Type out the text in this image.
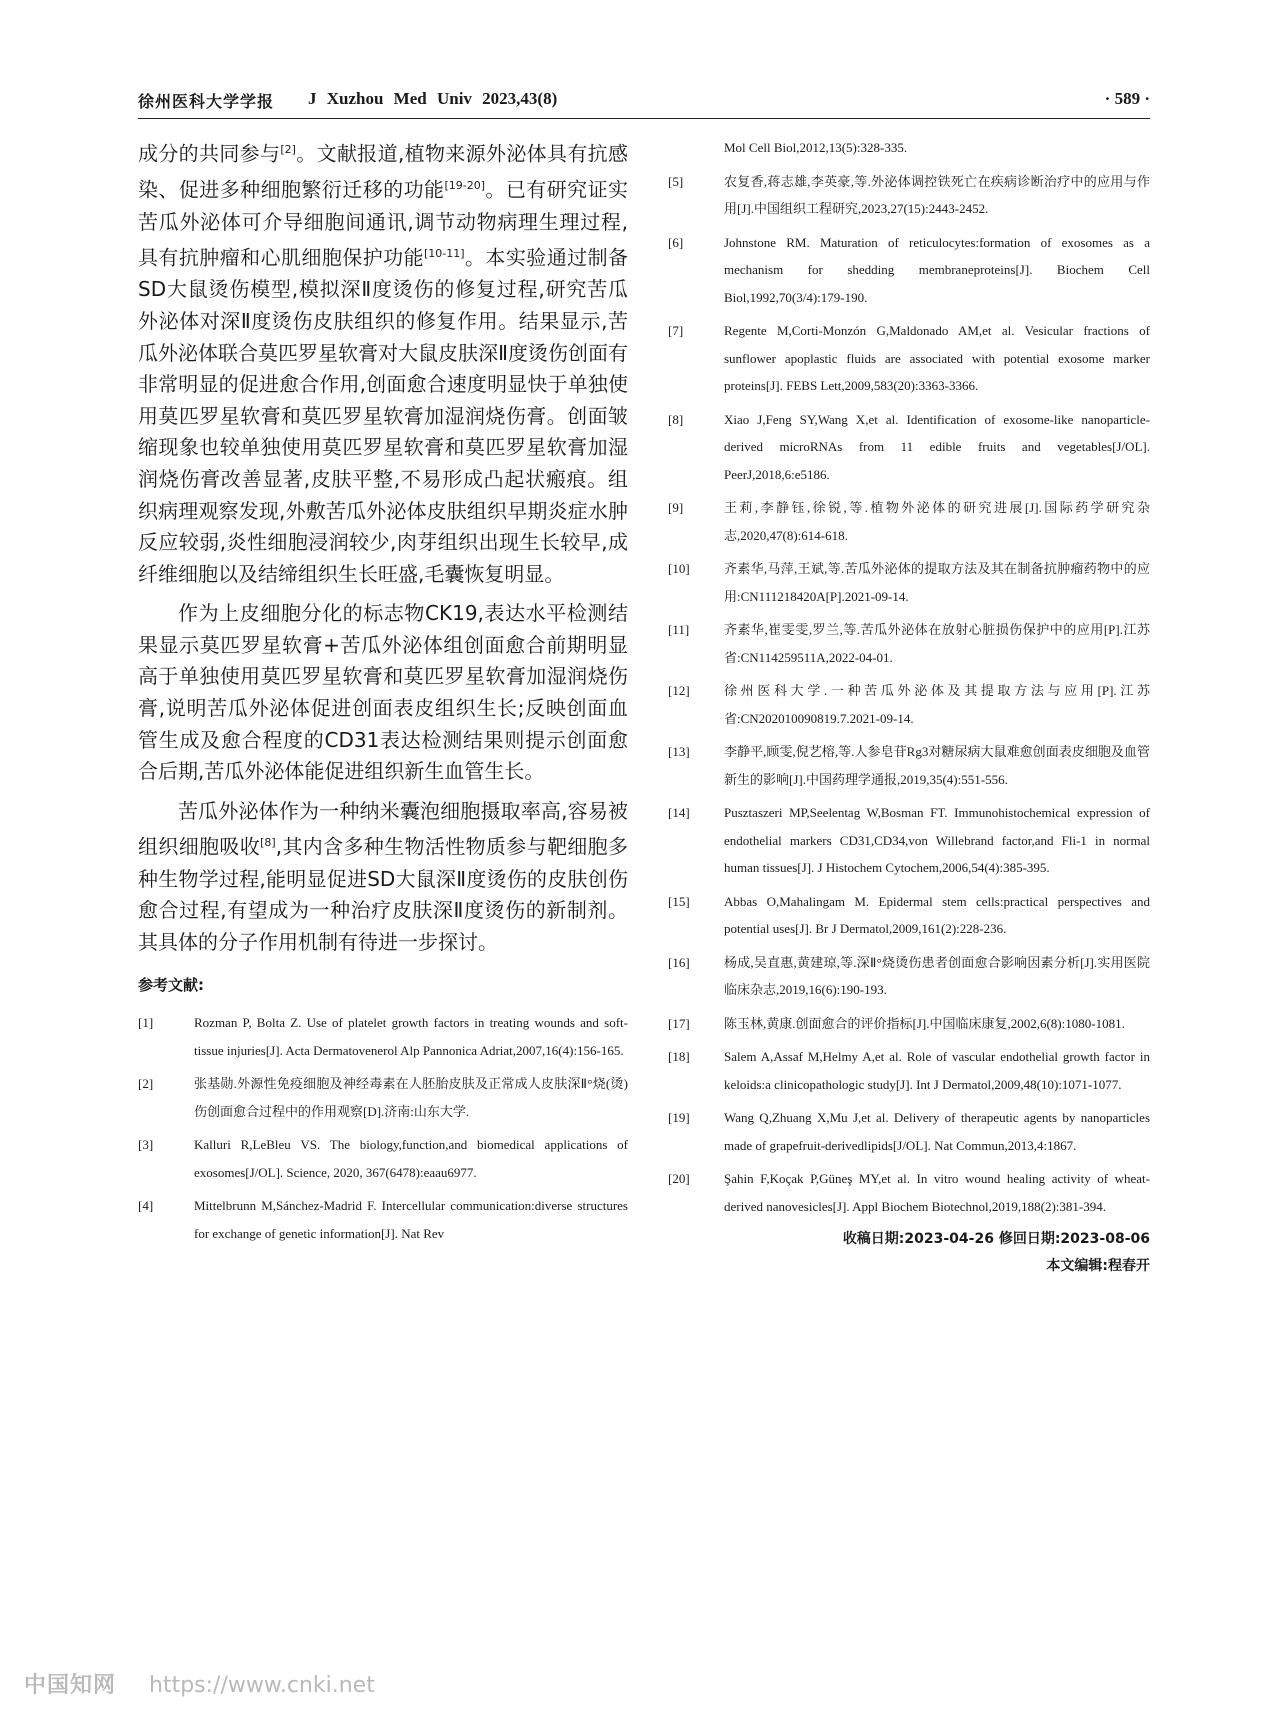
徐州医科大学学报 J Xuzhou Med Univ 2023,43(8)	· 589 ·

成分的共同参与[2]。文献报道,植物来源外泌体具有抗感染、促进多种细胞繁衍迁移的功能[19-20]。已有研究证实苦瓜外泌体可介导细胞间通讯,调节动物病理生理过程,具有抗肿瘤和心肌细胞保护功能[10-11]。本实验通过制备SD大鼠烫伤模型,模拟深Ⅱ度烫伤的修复过程,研究苦瓜外泌体对深Ⅱ度烫伤皮肤组织的修复作用。结果显示,苦瓜外泌体联合莫匹罗星软膏对大鼠皮肤深Ⅱ度烫伤创面有非常明显的促进愈合作用,创面愈合速度明显快于单独使用莫匹罗星软膏和莫匹罗星软膏加湿润烧伤膏。创面皱缩现象也较单独使用莫匹罗星软膏和莫匹罗星软膏加湿润烧伤膏改善显著,皮肤平整,不易形成凸起状瘢痕。组织病理观察发现,外敷苦瓜外泌体皮肤组织早期炎症水肿反应较弱,炎性细胞浸润较少,肉芽组织出现生长较早,成纤维细胞以及结缔组织生长旺盛,毛囊恢复明显。

作为上皮细胞分化的标志物CK19,表达水平检测结果显示莫匹罗星软膏+苦瓜外泌体组创面愈合前期明显高于单独使用莫匹罗星软膏和莫匹罗星软膏加湿润烧伤膏,说明苦瓜外泌体促进创面表皮组织生长;反映创面血管生成及愈合程度的CD31表达检测结果则提示创面愈合后期,苦瓜外泌体能促进组织新生血管生长。

苦瓜外泌体作为一种纳米囊泡细胞摄取率高,容易被组织细胞吸收[8],其内含多种生物活性物质参与靶细胞多种生物学过程,能明显促进SD大鼠深Ⅱ度烫伤的皮肤创伤愈合过程,有望成为一种治疗皮肤深Ⅱ度烫伤的新制剂。其具体的分子作用机制有待进一步探讨。

参考文献:

[1]	Rozman P, Bolta Z. Use of platelet growth factors in treating wounds and soft-tissue injuries[J]. Acta Dermatovenerol Alp Pannonica Adriat,2007,16(4):156-165.

[2]	张基勋.外源性免疫细胞及神经毒素在人胚胎皮肤及正常成人皮肤深Ⅱ°烧(烫)伤创面愈合过程中的作用观察[D].济南:山东大学.

[3]	Kalluri R,LeBleu VS. The biology,function,and biomedical applications of exosomes[J/OL]. Science, 2020, 367(6478):eaau6977.

[4]	Mittelbrunn M,Sánchez-Madrid F. Intercellular communication:diverse structures for exchange of genetic information[J]. Nat Rev

Mol Cell Biol,2012,13(5):328-335.

[5]	农复香,蒋志雄,李英豪,等.外泌体调控铁死亡在疾病诊断治疗中的应用与作用[J].中国组织工程研究,2023,27(15):2443-2452.

[6]	Johnstone RM. Maturation of reticulocytes:formation of exosomes as a mechanism for shedding membraneproteins[J]. Biochem Cell Biol,1992,70(3/4):179-190.

[7]	Regente M,Corti-Monzón G,Maldonado AM,et al. Vesicular fractions of sunflower apoplastic fluids are associated with potential exosome marker proteins[J]. FEBS Lett,2009,583(20):3363-3366.

[8]	Xiao J,Feng SY,Wang X,et al. Identification of exosome-like nanoparticle-derived microRNAs from 11 edible fruits and vegetables[J/OL]. PeerJ,2018,6:e5186.

[9]	王莉,李静钰,徐锐,等.植物外泌体的研究进展[J].国际药学研究杂志,2020,47(8):614-618.

[10]	齐素华,马萍,王斌,等.苦瓜外泌体的提取方法及其在制备抗肿瘤药物中的应用:CN111218420A[P].2021-09-14.

[11]	齐素华,崔雯雯,罗兰,等.苦瓜外泌体在放射心脏损伤保护中的应用[P].江苏省:CN114259511A,2022-04-01.

[12]	徐州医科大学.一种苦瓜外泌体及其提取方法与应用[P].江苏省:CN202010090819.7.2021-09-14.

[13]	李静平,顾雯,倪艺榕,等.人参皂苷Rg3对糖尿病大鼠难愈创面表皮细胞及血管新生的影响[J].中国药理学通报,2019,35(4):551-556.

[14]	Pusztaszeri MP,Seelentag W,Bosman FT. Immunohistochemical expression of endothelial markers CD31,CD34,von Willebrand factor,and Fli-1 in normal human tissues[J]. J Histochem Cytochem,2006,54(4):385-395.

[15]	Abbas O,Mahalingam M. Epidermal stem cells:practical perspectives and potential uses[J]. Br J Dermatol,2009,161(2):228-236.

[16]	杨成,吴直惠,黄建琼,等.深Ⅱ°烧烫伤患者创面愈合影响因素分析[J].实用医院临床杂志,2019,16(6):190-193.

[17]	陈玉林,黄康.创面愈合的评价指标[J].中国临床康复,2002,6(8):1080-1081.

[18]	Salem A,Assaf M,Helmy A,et al. Role of vascular endothelial growth factor in keloids:a clinicopathologic study[J]. Int J Dermatol,2009,48(10):1071-1077.

[19]	Wang Q,Zhuang X,Mu J,et al. Delivery of therapeutic agents by nanoparticles made of grapefruit-derivedlipids[J/OL]. Nat Commun,2013,4:1867.

[20]	Şahin F,Koçak P,Güneş MY,et al. In vitro wound healing activity of wheat-derived nanovesicles[J]. Appl Biochem Biotechnol,2019,188(2):381-394.

收稿日期:2023-04-26 修回日期:2023-08-06
本文编辑:程春开
中国知网 https://www.cnki.net
